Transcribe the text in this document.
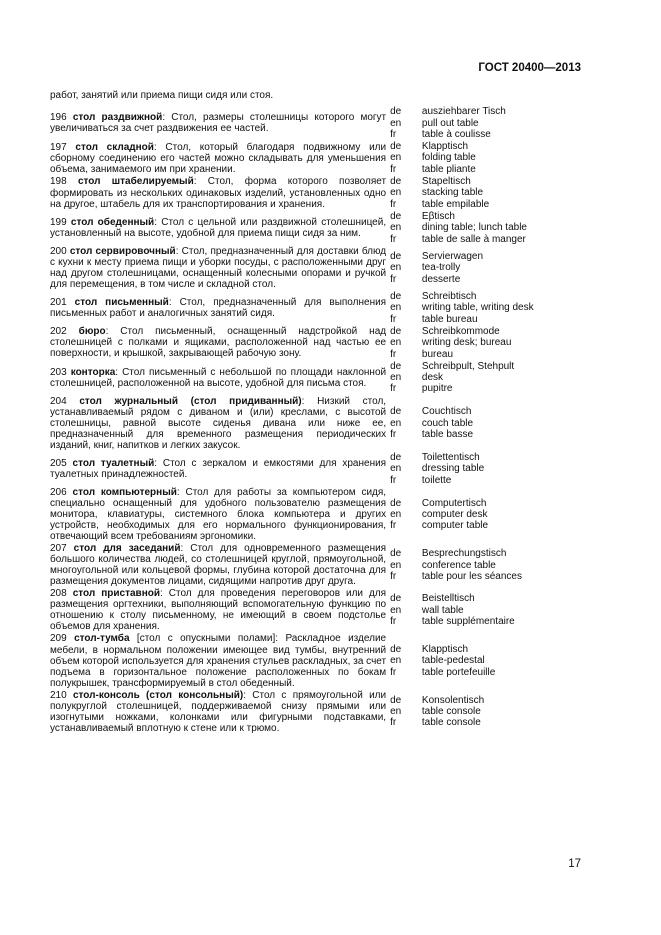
ГОСТ 20400—2013
работ, занятий или приема пищи сидя или стоя.
196 стол раздвижной: Стол, размеры столешницы которого могут увеличиваться за счет раздвижения ее частей.
de
en
fr
ausziehbarer Tisch
pull out table
table à coulisse
197 стол складной: Стол, который благодаря подвижному или сборному соединению его частей можно складывать для уменьшения объема, занимаемого им при хранении.
de
en
fr
Klapptisch
folding table
table pliante
198 стол штабелируемый: Стол, форма которого позволяет формировать из нескольких одинаковых изделий, установленных одно на другое, штабель для их транспортирования и хранения.
de
en
fr
Stapeltisch
stacking table
table empilable
199 стол обеденный: Стол с цельной или раздвижной столешницей, установленный на высоте, удобной для приема пищи сидя за ним.
de
en
fr
Eβtisch
dining table; lunch table
table de salle à manger
200 стол сервировочный: Стол, предназначенный для доставки блюд с кухни к месту приема пищи и уборки посуды, с расположенными друг над другом столешницами, оснащенный колесными опорами и ручкой для перемещения, в том числе и складной стол.
de
en
fr
Servierwagen
tea-trolly
desserte
201 стол письменный: Стол, предназначенный для выполнения письменных работ и аналогичных занятий сидя.
de
en
fr
Schreibtisch
writing table, writing desk
table bureau
202 бюро: Стол письменный, оснащенный надстройкой над столешницей с полками и ящиками, расположенной над частью ее поверхности, и крышкой, закрывающей рабочую зону.
de
en
fr
Schreibkommode
writing desk; bureau
bureau
203 конторка: Стол письменный с небольшой по площади наклонной столешницей, расположенной на высоте, удобной для письма стоя.
de
en
fr
Schreibpult, Stehpult
desk
pupitre
204 стол журнальный (стол придиванный): Низкий стол, устанавливаемый рядом с диваном и (или) креслами, с высотой столешницы, равной высоте сиденья дивана или ниже ее, предназначенный для временного размещения периодических изданий, книг, напитков и легких закусок.
de
en
fr
Couchtisch
couch table
table basse
205 стол туалетный: Стол с зеркалом и емкостями для хранения туалетных принадлежностей.
de
en
fr
Toilettentisch
dressing table
toilette
206 стол компьютерный: Стол для работы за компьютером сидя, специально оснащенный для удобного пользователю размещения монитора, клавиатуры, системного блока компьютера и других устройств, необходимых для его нормального функционирования, отвечающий всем требованиям эргономики.
de
en
fr
Computertisch
computer desk
computer table
207 стол для заседаний: Стол для одновременного размещения большого количества людей, со столешницей круглой, прямоугольной, многоугольной или кольцевой формы, глубина которой достаточна для размещения документов лицами, сидящими напротив друг друга.
de
en
fr
Besprechungstisch
conference table
table pour les séances
208 стол приставной: Стол для проведения переговоров или для размещения оргтехники, выполняющий вспомогательную функцию по отношению к столу письменному, не имеющий в своем подстолье объемов для хранения.
de
en
fr
Beistelltisch
wall table
table supplémentaire
209 стол-тумба [стол с опускными полами]: Раскладное изделие мебели, в нормальном положении имеющее вид тумбы, внутренний объем которой используется для хранения стульев раскладных, за счет подъема в горизонтальное положение расположенных по бокам полукрышек, трансформируемый в стол обеденный.
de
en
fr
Klapptisch
table-pedestal
table portefeuille
210 стол-консоль (стол консольный): Стол с прямоугольной или полукруглой столешницей, поддерживаемой снизу прямыми или изогнутыми ножками, колонками или фигурными подставками, устанавливаемый вплотную к стене или к трюмо.
de
en
fr
Konsolentisch
table console
table console
17
